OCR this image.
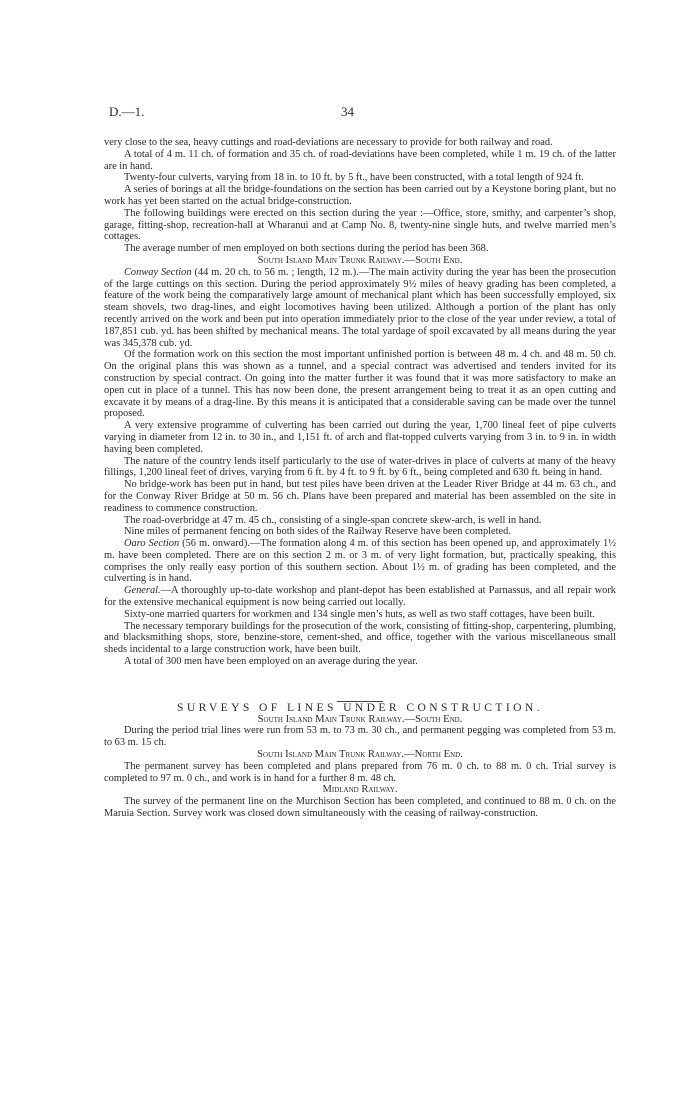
D.—1.	34

very close to the sea, heavy cuttings and road-deviations are necessary to provide for both railway and road.

A total of 4 m. 11 ch. of formation and 35 ch. of road-deviations have been completed, while 1 m. 19 ch. of the latter are in hand.

Twenty-four culverts, varying from 18 in. to 10 ft. by 5 ft., have been constructed, with a total length of 924 ft.

A series of borings at all the bridge-foundations on the section has been carried out by a Keystone boring plant, but no work has yet been started on the actual bridge-construction.

The following buildings were erected on this section during the year :—Office, store, smithy, and carpenter’s shop, garage, fitting-shop, recreation-hall at Wharanui and at Camp No. 8, twenty-nine single huts, and twelve married men’s cottages.

The average number of men employed on both sections during the period has been 368.

South Island Main Trunk Railway.—South End.

Conway Section (44 m. 20 ch. to 56 m. ; length, 12 m.).—The main activity during the year has been the prosecution of the large cuttings on this section. During the period approximately 9½ miles of heavy grading has been completed, a feature of the work being the comparatively large amount of mechanical plant which has been successfully employed, six steam shovels, two drag-lines, and eight locomotives having been utilized. Although a portion of the plant has only recently arrived on the work and been put into operation immediately prior to the close of the year under review, a total of 187,851 cub. yd. has been shifted by mechanical means. The total yardage of spoil excavated by all means during the year was 345,378 cub. yd.

Of the formation work on this section the most important unfinished portion is between 48 m. 4 ch. and 48 m. 50 ch. On the original plans this was shown as a tunnel, and a special contract was advertised and tenders invited for its construction by special contract. On going into the matter further it was found that it was more satisfactory to make an open cut in place of a tunnel. This has now been done, the present arrangement being to treat it as an open cutting and excavate it by means of a drag-line. By this means it is anticipated that a considerable saving can be made over the tunnel proposed.

A very extensive programme of culverting has been carried out during the year, 1,700 lineal feet of pipe culverts varying in diameter from 12 in. to 30 in., and 1,151 ft. of arch and flat-topped culverts varying from 3 in. to 9 in. in width having been completed.

The nature of the country lends itself particularly to the use of water-drives in place of culverts at many of the heavy fillings, 1,200 lineal feet of drives, varying from 6 ft. by 4 ft. to 9 ft. by 6 ft., being completed and 630 ft. being in hand.

No bridge-work has been put in hand, but test piles have been driven at the Leader River Bridge at 44 m. 63 ch., and for the Conway River Bridge at 50 m. 56 ch. Plans have been prepared and material has been assembled on the site in readiness to commence construction.

The road-overbridge at 47 m. 45 ch., consisting of a single-span concrete skew-arch, is well in hand.

Nine miles of permanent fencing on both sides of the Railway Reserve have been completed.

Oaro Section (56 m. onward).—The formation along 4 m. of this section has been opened up, and approximately 1½ m. have been completed. There are on this section 2 m. or 3 m. of very light formation, but, practically speaking, this comprises the only really easy portion of this southern section. About 1½ m. of grading has been completed, and the culverting is in hand.

General.—A thoroughly up-to-date workshop and plant-depot has been established at Parnassus, and all repair work for the extensive mechanical equipment is now being carried out locally.

Sixty-one married quarters for workmen and 134 single men’s huts, as well as two staff cottages, have been built.

The necessary temporary buildings for the prosecution of the work, consisting of fitting-shop, carpentering, plumbing, and blacksmithing shops, store, benzine-store, cement-shed, and office, together with the various miscellaneous small sheds incidental to a large construction work, have been built.

A total of 300 men have been employed on an average during the year.

SURVEYS OF LINES UNDER CONSTRUCTION.

South Island Main Trunk Railway.—South End.

During the period trial lines were run from 53 m. to 73 m. 30 ch., and permanent pegging was completed from 53 m. to 63 m. 15 ch.

South Island Main Trunk Railway.—North End.

The permanent survey has been completed and plans prepared from 76 m. 0 ch. to 88 m. 0 ch. Trial survey is completed to 97 m. 0 ch., and work is in hand for a further 8 m. 48 ch.

Midland Railway.

The survey of the permanent line on the Murchison Section has been completed, and continued to 88 m. 0 ch. on the Maruia Section. Survey work was closed down simultaneously with the ceasing of railway-construction.
